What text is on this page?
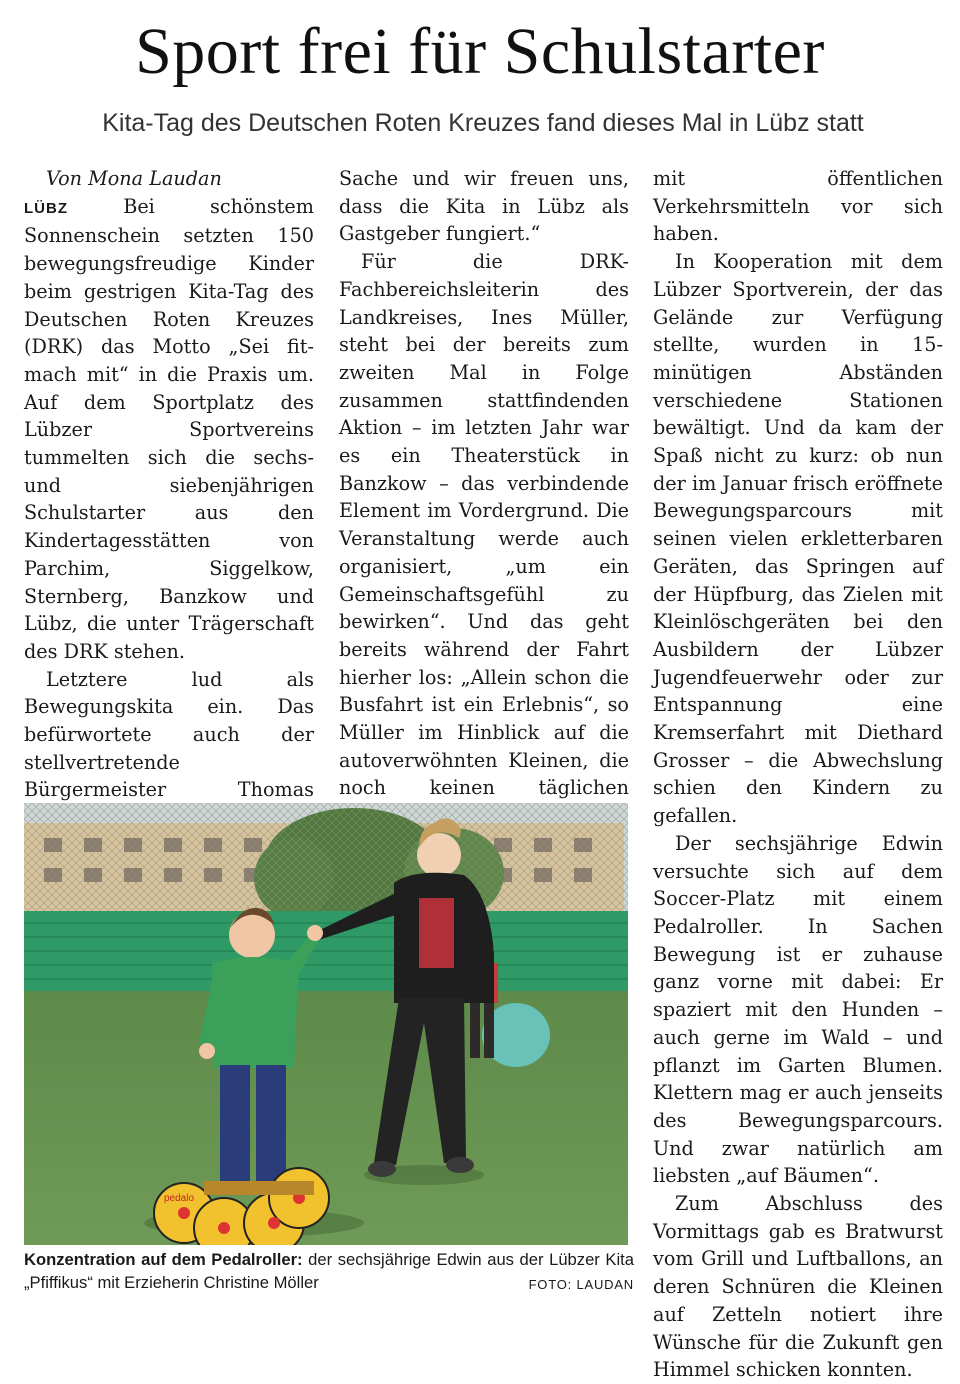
Sport frei für Schulstarter
Kita-Tag des Deutschen Roten Kreuzes fand dieses Mal in Lübz statt

Von Mona Laudan

LÜBZ	Bei schönstem Sonnenschein setzten 150 bewegungsfreudige Kinder beim gestrigen Kita-Tag des Deutschen Roten Kreuzes (DRK) das Motto „Sei fit- mach mit“ in die Praxis um. Auf dem Sportplatz des Lübzer Sportvereins tummelten sich die sechs- und siebenjährigen Schulstarter aus den Kindertagesstätten von Parchim, Siggelkow, Sternberg, Banzkow und Lübz, die unter Trägerschaft des DRK stehen.

Letztere lud als Bewegungskita ein. Das befürwortete auch der stellvertretende Bürgermeister Thomas

Sache und wir freuen uns, dass die Kita in Lübz als Gastgeber fungiert.“

Für die DRK-Fachbereichsleiterin des Landkreises, Ines Müller, steht bei der bereits zum zweiten Mal in Folge zusammen stattfindenden Aktion – im letzten Jahr war es ein Theaterstück in Banzkow – das verbindende Element im Vordergrund. Die Veranstaltung werde auch organisiert, „um ein Gemeinschaftsgefühl zu bewirken“. Und das geht bereits während der Fahrt hierher los: „Allein schon die Busfahrt ist ein Erlebnis“, so Müller im Hinblick auf die autoverwöhnten Kleinen, die noch keinen täglichen

mit öffentlichen Verkehrsmitteln vor sich haben.

In Kooperation mit dem Lübzer Sportverein, der das Gelände zur Verfügung stellte, wurden in 15-minütigen Abständen verschiedene Stationen bewältigt. Und da kam der Spaß nicht zu kurz: ob nun der im Januar frisch eröffnete Bewegungsparcours mit seinen vielen erkletterbaren Geräten, das Springen auf der Hüpfburg, das Zielen mit Kleinlöschgeräten bei den Ausbildern der Lübzer Jugendfeuerwehr oder zur Entspannung eine Kremserfahrt mit Diethard Grosser – die Abwechslung schien den Kindern zu gefallen.

Der sechsjährige Edwin versuchte sich auf dem Soccer-Platz mit einem Pedalroller. In Sachen Bewegung ist er zuhause ganz vorne mit dabei: Er spaziert mit den Hunden – auch gerne im Wald – und pflanzt im Garten Blumen. Klettern mag er auch jenseits des Bewegungsparcours. Und zwar natürlich am liebsten „auf Bäumen“.

Zum Abschluss des Vormittags gab es Bratwurst vom Grill und Luftballons, an deren Schnüren die Kleinen auf Zetteln notiert ihre Wünsche für die Zukunft gen Himmel schicken konnten.

pedalo
Konzentration auf dem Pedalroller: der sechsjährige Edwin aus der Lübzer Kita „Pfiffikus“ mit Erzieherin Christine Möller	FOTO: LAUDAN
